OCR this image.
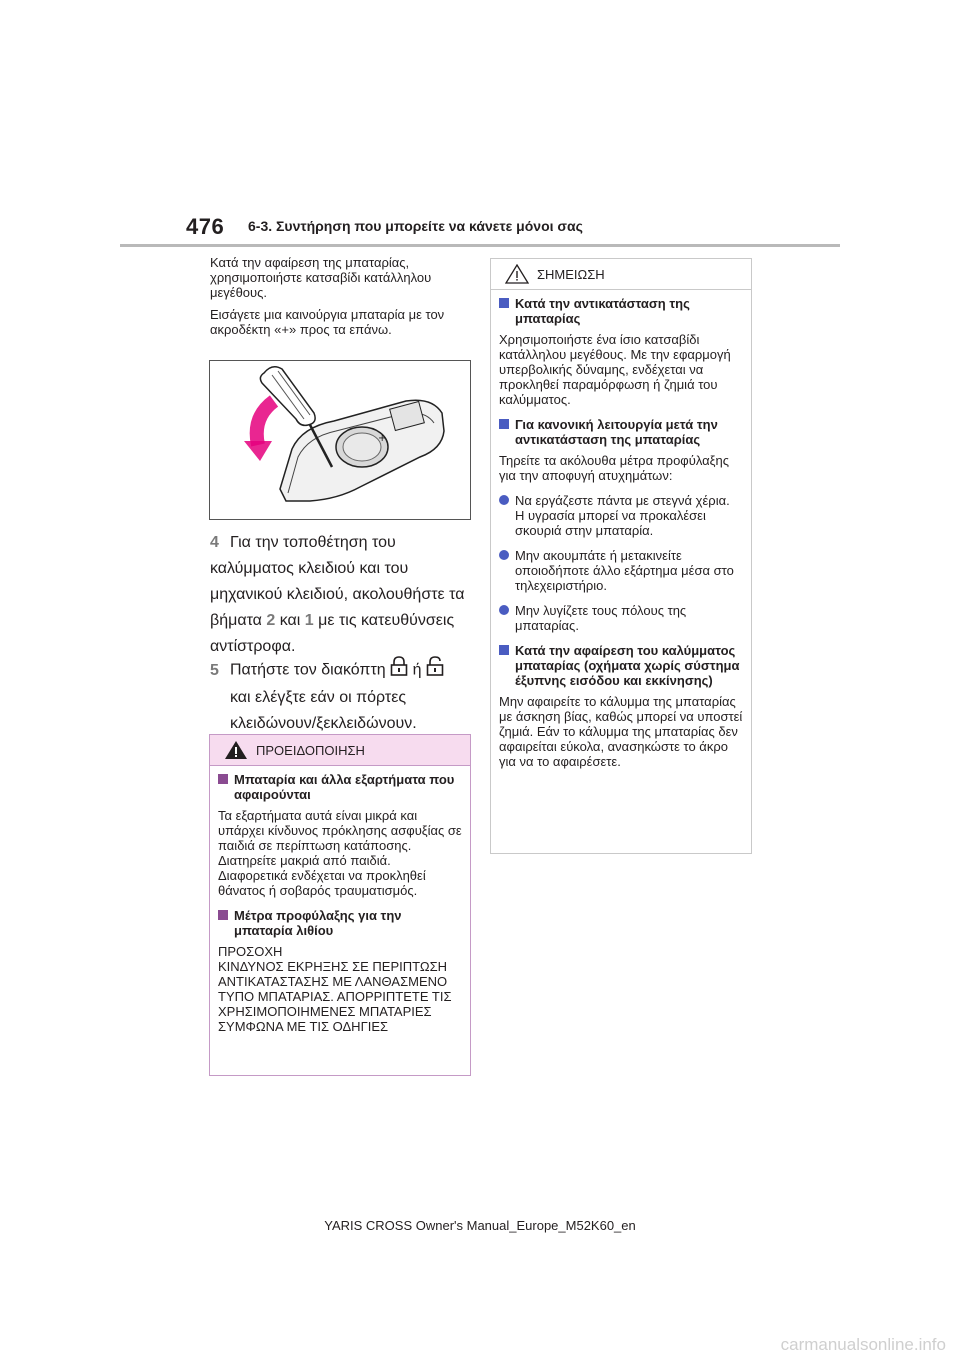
476 6-3. Συντήρηση που μπορείτε να κάνετε μόνοι σας

Κατά την αφαίρεση της μπαταρίας, χρησιμοποιήστε κατσαβίδι κατάλληλου μεγέθους.

Εισάγετε μια καινούργια μπαταρία με τον ακροδέκτη «+» προς τα επάνω.

+
4 Για την τοποθέτηση του καλύμματος κλειδιού και του μηχανικού κλειδιού, ακολουθήστε τα βήματα 2 και 1 με τις κατευθύνσεις αντίστροφα.
5 Πατήστε τον διακόπτη ή
και ελέγξτε εάν οι πόρτες κλειδώνουν/ξεκλειδώνουν.
ΠΡΟΕΙΔΟΠΟΙΗΣΗ

Μπαταρία και άλλα εξαρτήματα που αφαιρούνται

Τα εξαρτήματα αυτά είναι μικρά και υπάρχει κίνδυνος πρόκλησης ασφυξίας σε παιδιά σε περίπτωση κατάποσης. Διατηρείτε μακριά από παιδιά. Διαφορετικά ενδέχεται να προκληθεί θάνατος ή σοβαρός τραυματισμός.

Μέτρα προφύλαξης για την μπαταρία λιθίου

ΠΡΟΣΟΧΗ

ΚΙΝΔΥΝΟΣ ΕΚΡΗΞΗΣ ΣΕ ΠΕΡΙΠΤΩΣΗ ΑΝΤΙΚΑΤΑΣΤΑΣΗΣ ΜΕ ΛΑΝΘΑΣΜΕΝΟ ΤΥΠΟ ΜΠΑΤΑΡΙΑΣ. ΑΠΟΡΡΙΠΤΕΤΕ ΤΙΣ ΧΡΗΣΙΜΟΠΟΙΗΜΕΝΕΣ ΜΠΑΤΑΡΙΕΣ ΣΥΜΦΩΝΑ ΜΕ ΤΙΣ ΟΔΗΓΙΕΣ

ΣΗΜΕΙΩΣΗ

Κατά την αντικατάσταση της μπαταρίας

Χρησιμοποιήστε ένα ίσιο κατσαβίδι κατάλληλου μεγέθους. Με την εφαρμογή υπερβολικής δύναμης, ενδέχεται να προκληθεί παραμόρφωση ή ζημιά του καλύμματος.

Για κανονική λειτουργία μετά την αντικατάσταση της μπαταρίας

Τηρείτε τα ακόλουθα μέτρα προφύλαξης για την αποφυγή ατυχημάτων:

Να εργάζεστε πάντα με στεγνά χέρια.
Η υγρασία μπορεί να προκαλέσει σκουριά στην μπαταρία.
Μην ακουμπάτε ή μετακινείτε οποιοδήποτε άλλο εξάρτημα μέσα στο τηλεχειριστήριο.
Μην λυγίζετε τους πόλους της μπαταρίας.

Κατά την αφαίρεση του καλύμματος μπαταρίας (οχήματα χωρίς σύστημα έξυπνης εισόδου και εκκίνησης)

Μην αφαιρείτε το κάλυμμα της μπαταρίας με άσκηση βίας, καθώς μπορεί να υποστεί ζημιά. Εάν το κάλυμμα της μπαταρίας δεν αφαιρείται εύκολα, ανασηκώστε το άκρο για να το αφαιρέσετε.

YARIS CROSS Owner's Manual_Europe_M52K60_en
carmanualsonline.info
